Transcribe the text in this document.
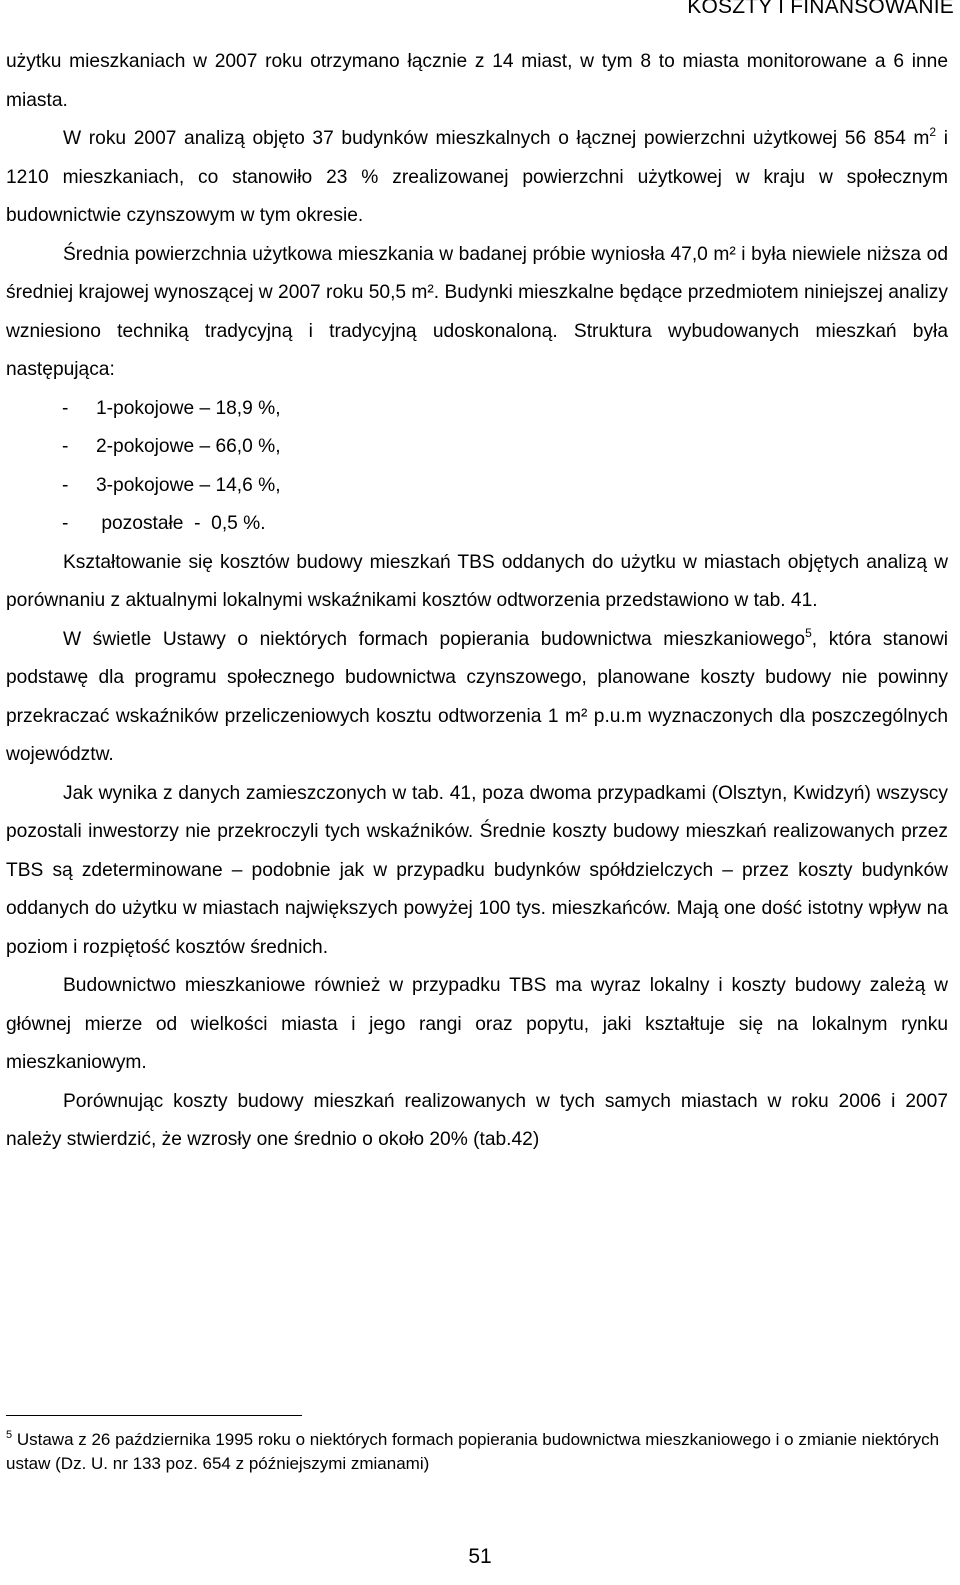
KOSZTY I FINANSOWANIE

użytku mieszkaniach w 2007 roku otrzymano łącznie z 14 miast, w tym 8 to miasta monitorowane a 6 inne miasta.

W roku 2007 analizą objęto 37 budynków mieszkalnych o łącznej powierzchni użytkowej 56 854 $m^2$ i 1210 mieszkaniach, co stanowiło 23 % zrealizowanej powierzchni użytkowej w kraju w społecznym budownictwie czynszowym w tym okresie.

Średnia powierzchnia użytkowa mieszkania w badanej próbie wyniosła 47,0 m² i była niewiele niższa od średniej krajowej wynoszącej w 2007 roku 50,5 m². Budynki mieszkalne będące przedmiotem niniejszej analizy wzniesiono techniką tradycyjną i tradycyjną udoskonaloną. Struktura wybudowanych mieszkań była następująca:

- 1-pokojowe – 18,9 %,
- 2-pokojowe – 66,0 %,
- 3-pokojowe – 14,6 %,
- pozostałe  -  0,5 %.

Kształtowanie się kosztów budowy mieszkań TBS oddanych do użytku w miastach objętych analizą w porównaniu z aktualnymi lokalnymi wskaźnikami kosztów odtworzenia przedstawiono w tab. 41.

W świetle Ustawy o niektórych formach popierania budownictwa mieszkaniowego$^5$, która stanowi podstawę dla programu społecznego budownictwa czynszowego, planowane koszty budowy nie powinny przekraczać wskaźników przeliczeniowych kosztu odtworzenia 1 m² p.u.m wyznaczonych dla poszczególnych województw.

Jak wynika z danych zamieszczonych w tab. 41, poza dwoma przypadkami (Olsztyn, Kwidzyń) wszyscy pozostali inwestorzy nie przekroczyli tych wskaźników. Średnie koszty budowy mieszkań realizowanych przez TBS są zdeterminowane – podobnie jak w przypadku budynków spółdzielczych – przez koszty budynków oddanych do użytku w miastach największych powyżej 100 tys. mieszkańców. Mają one dość istotny wpływ na poziom i rozpiętość kosztów średnich.

Budownictwo mieszkaniowe również w przypadku TBS ma wyraz lokalny i koszty budowy zależą w głównej mierze od wielkości miasta i jego rangi oraz popytu, jaki kształtuje się na lokalnym rynku mieszkaniowym.

Porównując koszty budowy mieszkań realizowanych w tych samych miastach w roku 2006 i 2007 należy stwierdzić, że wzrosły one średnio o około 20% (tab.42)

$^5$ Ustawa z 26 października 1995 roku o niektórych formach popierania budownictwa mieszkaniowego i o zmianie niektórych ustaw (Dz. U. nr 133 poz. 654 z późniejszymi zmianami)
51
